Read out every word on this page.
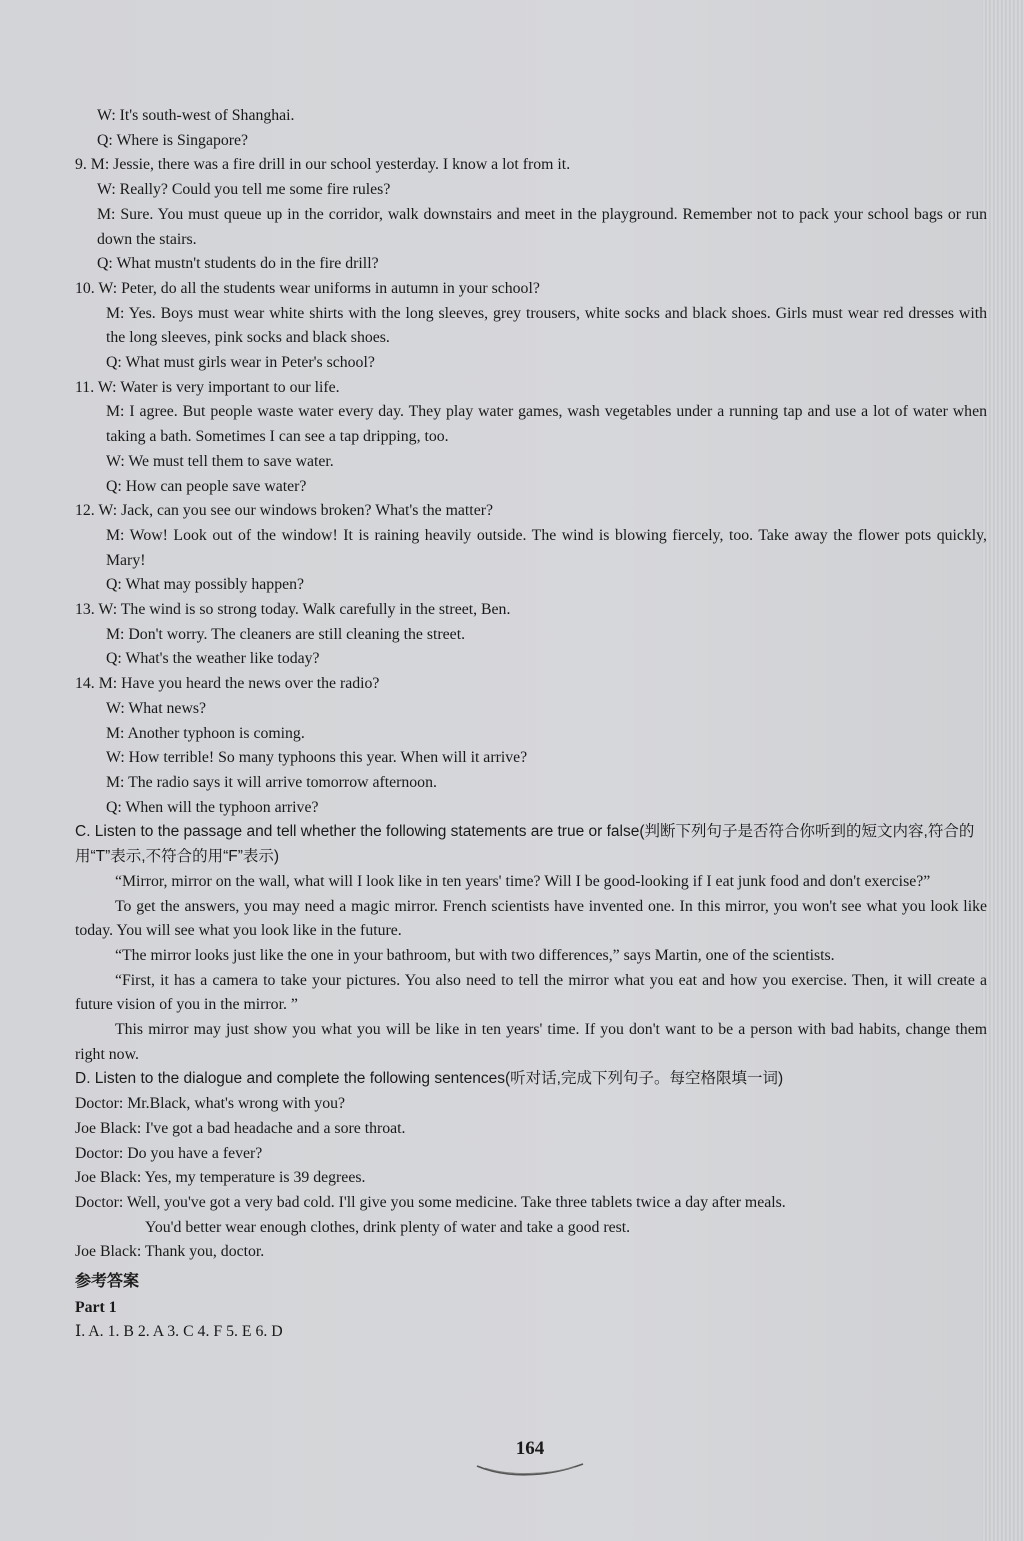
W: It's south-west of Shanghai.
Q: Where is Singapore?
9. M: Jessie, there was a fire drill in our school yesterday. I know a lot from it.
W: Really? Could you tell me some fire rules?
M: Sure. You must queue up in the corridor, walk downstairs and meet in the playground. Remember not to pack your school bags or run down the stairs.
Q: What mustn't students do in the fire drill?
10. W: Peter, do all the students wear uniforms in autumn in your school?
M: Yes. Boys must wear white shirts with the long sleeves, grey trousers, white socks and black shoes. Girls must wear red dresses with the long sleeves, pink socks and black shoes.
Q: What must girls wear in Peter's school?
11. W: Water is very important to our life.
M: I agree. But people waste water every day. They play water games, wash vegetables under a running tap and use a lot of water when taking a bath. Sometimes I can see a tap dripping, too.
W: We must tell them to save water.
Q: How can people save water?
12. W: Jack, can you see our windows broken? What's the matter?
M: Wow! Look out of the window! It is raining heavily outside. The wind is blowing fiercely, too. Take away the flower pots quickly, Mary!
Q: What may possibly happen?
13. W: The wind is so strong today. Walk carefully in the street, Ben.
M: Don't worry. The cleaners are still cleaning the street.
Q: What's the weather like today?
14. M: Have you heard the news over the radio?
W: What news?
M: Another typhoon is coming.
W: How terrible! So many typhoons this year. When will it arrive?
M: The radio says it will arrive tomorrow afternoon.
Q: When will the typhoon arrive?
C. Listen to the passage and tell whether the following statements are true or false(判断下列句子是否符合你听到的短文内容,符合的用“T”表示,不符合的用“F”表示)
“Mirror, mirror on the wall, what will I look like in ten years' time? Will I be good-looking if I eat junk food and don't exercise?”
To get the answers, you may need a magic mirror. French scientists have invented one. In this mirror, you won't see what you look like today. You will see what you look like in the future.
“The mirror looks just like the one in your bathroom, but with two differences,” says Martin, one of the scientists.
“First, it has a camera to take your pictures. You also need to tell the mirror what you eat and how you exercise. Then, it will create a future vision of you in the mirror. ”
This mirror may just show you what you will be like in ten years' time. If you don't want to be a person with bad habits, change them right now.
D. Listen to the dialogue and complete the following sentences(听对话,完成下列句子。每空格限填一词)
Doctor: Mr.Black, what's wrong with you?
Joe Black: I've got a bad headache and a sore throat.
Doctor: Do you have a fever?
Joe Black: Yes, my temperature is 39 degrees.
Doctor: Well, you've got a very bad cold. I'll give you some medicine. Take three tablets twice a day after meals.
You'd better wear enough clothes, drink plenty of water and take a good rest.
Joe Black: Thank you, doctor.
参考答案
Part 1
Ⅰ. A. 1. B 2. A 3. C 4. F 5. E 6. D
164
